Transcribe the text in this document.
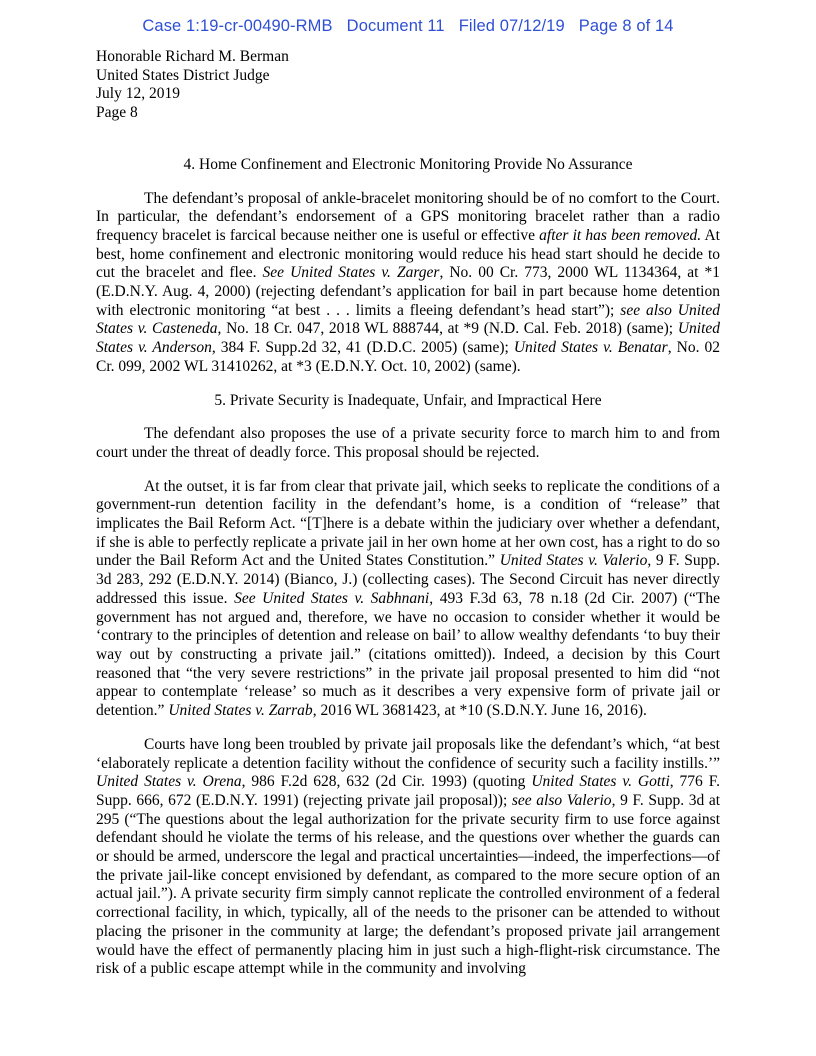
Case 1:19-cr-00490-RMB Document 11 Filed 07/12/19 Page 8 of 14
Honorable Richard M. Berman
United States District Judge
July 12, 2019
Page 8
4. Home Confinement and Electronic Monitoring Provide No Assurance

The defendant’s proposal of ankle-bracelet monitoring should be of no comfort to the Court. In particular, the defendant’s endorsement of a GPS monitoring bracelet rather than a radio frequency bracelet is farcical because neither one is useful or effective after it has been removed. At best, home confinement and electronic monitoring would reduce his head start should he decide to cut the bracelet and flee. See United States v. Zarger, No. 00 Cr. 773, 2000 WL 1134364, at *1 (E.D.N.Y. Aug. 4, 2000) (rejecting defendant’s application for bail in part because home detention with electronic monitoring “at best . . . limits a fleeing defendant’s head start”); see also United States v. Casteneda, No. 18 Cr. 047, 2018 WL 888744, at *9 (N.D. Cal. Feb. 2018) (same); United States v. Anderson, 384 F. Supp.2d 32, 41 (D.D.C. 2005) (same); United States v. Benatar, No. 02 Cr. 099, 2002 WL 31410262, at *3 (E.D.N.Y. Oct. 10, 2002) (same).

5. Private Security is Inadequate, Unfair, and Impractical Here

The defendant also proposes the use of a private security force to march him to and from court under the threat of deadly force. This proposal should be rejected.

At the outset, it is far from clear that private jail, which seeks to replicate the conditions of a government-run detention facility in the defendant’s home, is a condition of “release” that implicates the Bail Reform Act. “[T]here is a debate within the judiciary over whether a defendant, if she is able to perfectly replicate a private jail in her own home at her own cost, has a right to do so under the Bail Reform Act and the United States Constitution.” United States v. Valerio, 9 F. Supp. 3d 283, 292 (E.D.N.Y. 2014) (Bianco, J.) (collecting cases). The Second Circuit has never directly addressed this issue. See United States v. Sabhnani, 493 F.3d 63, 78 n.18 (2d Cir. 2007) (“The government has not argued and, therefore, we have no occasion to consider whether it would be ‘contrary to the principles of detention and release on bail’ to allow wealthy defendants ‘to buy their way out by constructing a private jail.” (citations omitted)). Indeed, a decision by this Court reasoned that “the very severe restrictions” in the private jail proposal presented to him did “not appear to contemplate ‘release’ so much as it describes a very expensive form of private jail or detention.” United States v. Zarrab, 2016 WL 3681423, at *10 (S.D.N.Y. June 16, 2016).

Courts have long been troubled by private jail proposals like the defendant’s which, “at best ‘elaborately replicate a detention facility without the confidence of security such a facility instills.’” United States v. Orena, 986 F.2d 628, 632 (2d Cir. 1993) (quoting United States v. Gotti, 776 F. Supp. 666, 672 (E.D.N.Y. 1991) (rejecting private jail proposal)); see also Valerio, 9 F. Supp. 3d at 295 (“The questions about the legal authorization for the private security firm to use force against defendant should he violate the terms of his release, and the questions over whether the guards can or should be armed, underscore the legal and practical uncertainties—indeed, the imperfections—of the private jail-like concept envisioned by defendant, as compared to the more secure option of an actual jail.”). A private security firm simply cannot replicate the controlled environment of a federal correctional facility, in which, typically, all of the needs to the prisoner can be attended to without placing the prisoner in the community at large; the defendant’s proposed private jail arrangement would have the effect of permanently placing him in just such a high-flight-risk circumstance. The risk of a public escape attempt while in the community and involving
